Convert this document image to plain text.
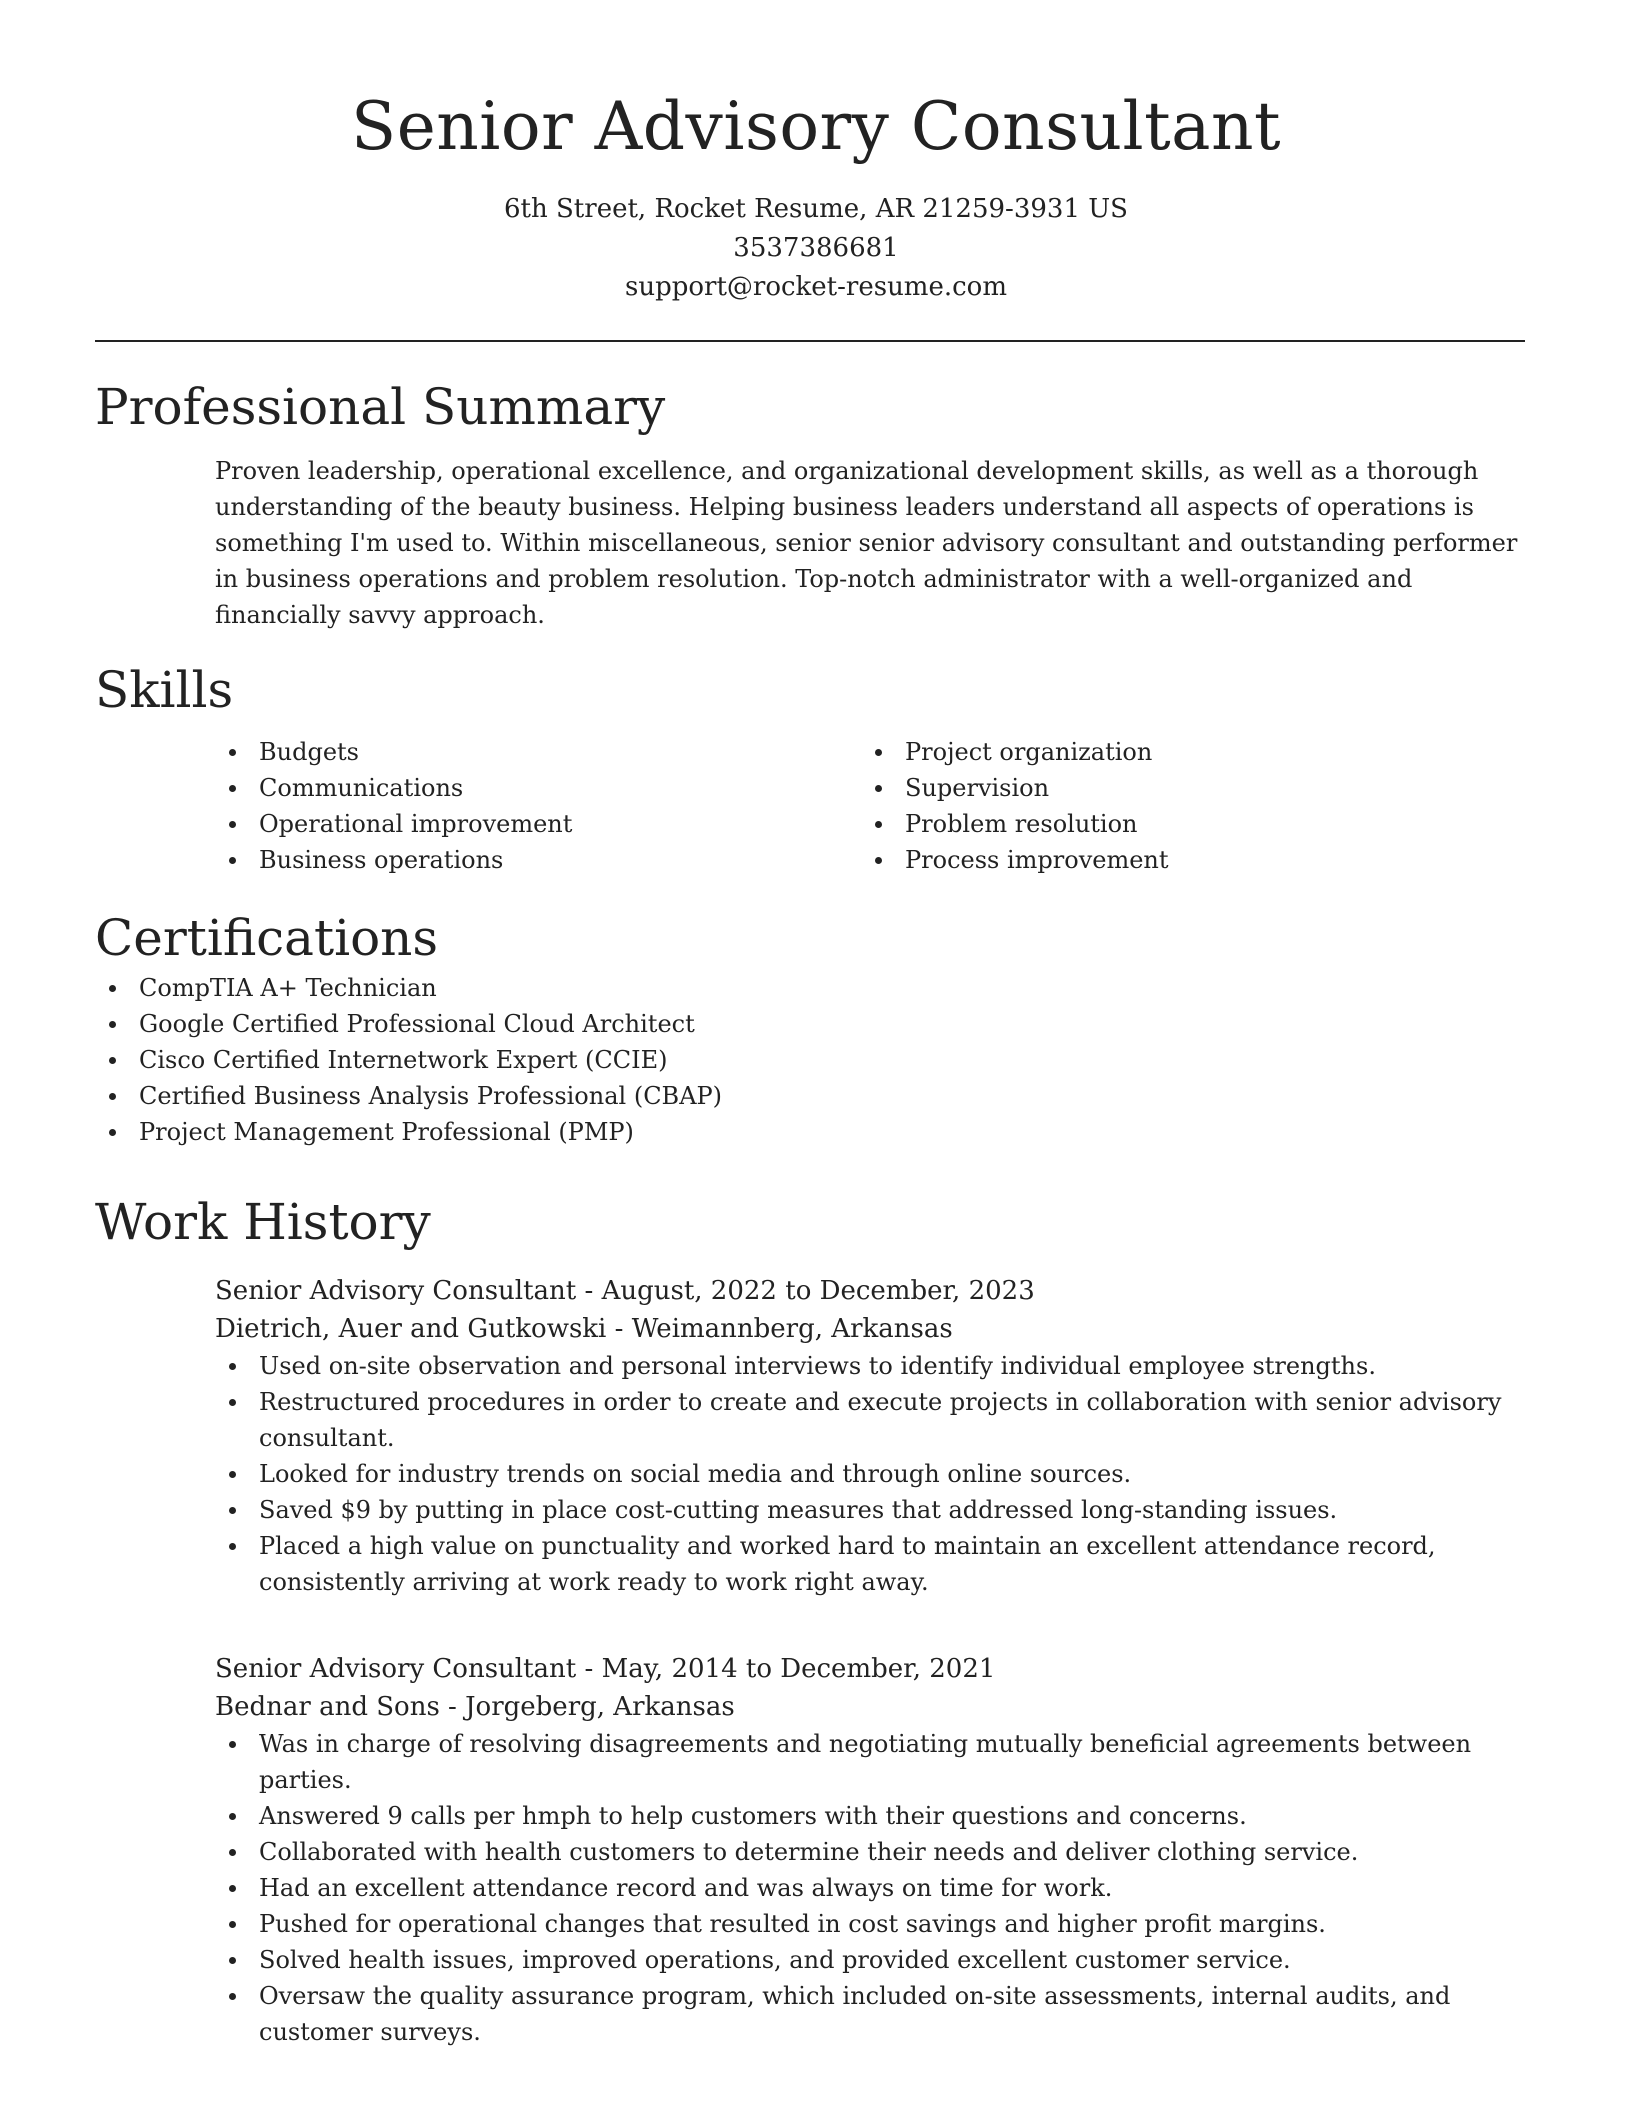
Senior Advisory Consultant

6th Street, Rocket Resume, AR 21259-3931 US

3537386681

support@rocket-resume.com

Professional Summary
Proven leadership, operational excellence, and organizational development skills, as well as a thorough understanding of the beauty business. Helping business leaders understand all aspects of operations is something I'm used to. Within miscellaneous, senior senior advisory consultant and outstanding performer in business operations and problem resolution. Top-notch administrator with a well-organized and financially savvy approach.
Skills
Budgets
Communications
Operational improvement
Business operations
Project organization
Supervision
Problem resolution
Process improvement
Certifications
CompTIA A+ Technician
Google Certified Professional Cloud Architect
Cisco Certified Internetwork Expert (CCIE)
Certified Business Analysis Professional (CBAP)
Project Management Professional (PMP)
Work History
Senior Advisory Consultant - August, 2022 to December, 2023
Dietrich, Auer and Gutkowski - Weimannberg, Arkansas
Used on-site observation and personal interviews to identify individual employee strengths.
Restructured procedures in order to create and execute projects in collaboration with senior advisory consultant.
Looked for industry trends on social media and through online sources.
Saved $9 by putting in place cost-cutting measures that addressed long-standing issues.
Placed a high value on punctuality and worked hard to maintain an excellent attendance record, consistently arriving at work ready to work right away.
Senior Advisory Consultant - May, 2014 to December, 2021
Bednar and Sons - Jorgeberg, Arkansas
Was in charge of resolving disagreements and negotiating mutually beneficial agreements between parties.
Answered 9 calls per hmph to help customers with their questions and concerns.
Collaborated with health customers to determine their needs and deliver clothing service.
Had an excellent attendance record and was always on time for work.
Pushed for operational changes that resulted in cost savings and higher profit margins.
Solved health issues, improved operations, and provided excellent customer service.
Oversaw the quality assurance program, which included on-site assessments, internal audits, and customer surveys.
